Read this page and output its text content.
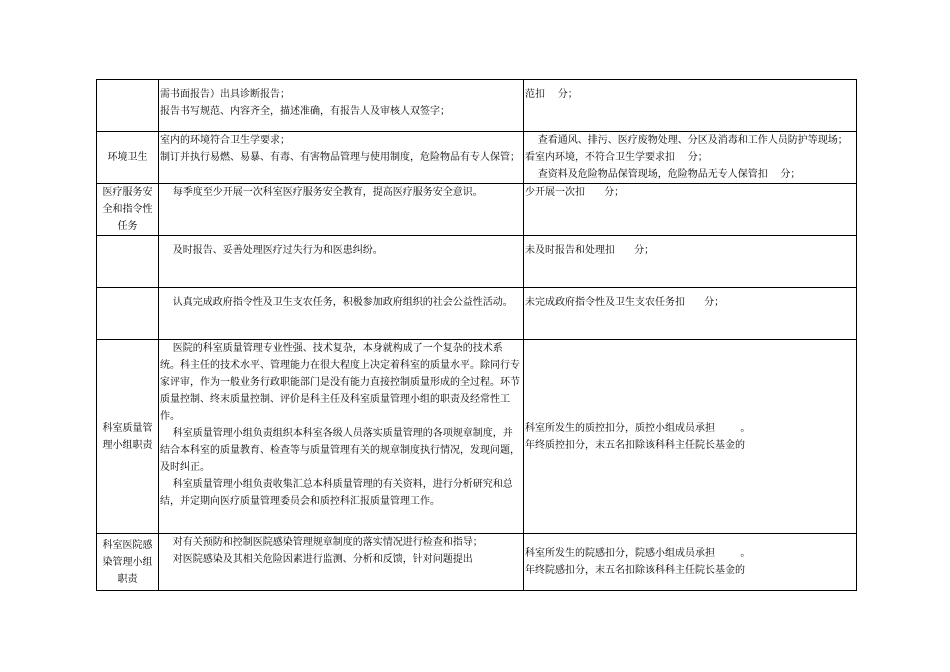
	需书面报告）出具诊断报告；
报告书写规范、内容齐全，描述准确，有报告人及审核人双签字；	范扣    分；

环境卫生	室内的环境符合卫生学要求；
制订并执行易燃、易暴、有毒、有害物品管理与使用制度，危险物品有专人保管；	查看通风、排污、医疗废物处理、分区及消毒和工作人员防护等现场；看室内环境，不符合卫生学要求扣    分；
查资料及危险物品保管现场，危险物品无专人保管扣    分；

医疗服务安
全和指令性
任务	每季度至少开展一次科室医疗服务安全教育，提高医疗服务安全意识。	少开展一次扣      分；

	及时报告、妥善处理医疗过失行为和医患纠纷。	未及时报告和处理扣      分；

	认真完成政府指令性及卫生支农任务，积极参加政府组织的社会公益性活动。	未完成政府指令性及卫生支农任务扣      分；

科室质量管
理小组职责	医院的科室质量管理专业性强、技术复杂，本身就构成了一个复杂的技术系统。科主任的技术水平、管理能力在很大程度上决定着科室的质量水平。除同行专家评审，作为一般业务行政职能部门是没有能力直接控制质量形成的全过程。环节质量控制、终末质量控制、评价是科主任及科室质量管理小组的职责及经常性工作。
科室质量管理小组负责组织本科室各级人员落实质量管理的各项规章制度，并结合本科室的质量教育、检查等与质量管理有关的规章制度执行情况，发现问题，及时纠正。
科室质量管理小组负责收集汇总本科质量管理的有关资料，进行分析研究和总结，并定期向医疗质量管理委员会和质控科汇报质量管理工作。	科室所发生的质控扣分，质控小组成员承担        。
年终质控扣分，末五名扣除该科科主任院长基金的

科室医院感
染管理小组
职责	对有关预防和控制医院感染管理规章制度的落实情况进行检查和指导；
对医院感染及其相关危险因素进行监测、分析和反馈，针对问题提出	科室所发生的院感扣分，院感小组成员承担        。
年终院感扣分，末五名扣除该科科主任院长基金的
